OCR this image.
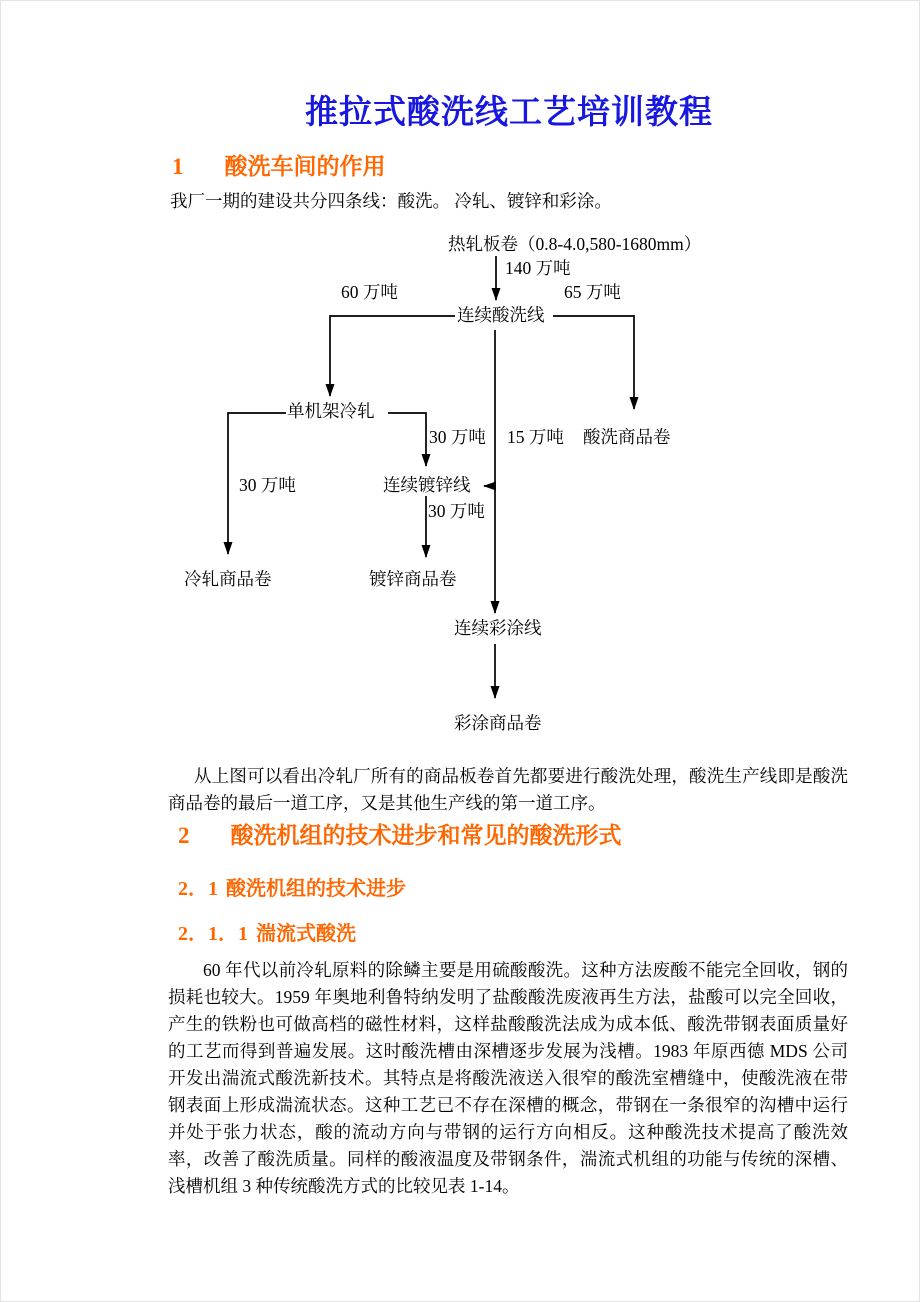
推拉式酸洗线工艺培训教程
1 酸洗车间的作用

我厂一期的建设共分四条线：酸洗。 冷轧、镀锌和彩涂。

热轧板卷（0.8-4.0,580-1680mm）
140 万吨
60 万吨	65 万吨
连续酸洗线
单机架冷轧
30 万吨 15 万吨 酸洗商品卷
30 万吨	连续镀锌线
30 万吨
冷轧商品卷	镀锌商品卷
连续彩涂线
彩涂商品卷

从上图可以看出冷轧厂所有的商品板卷首先都要进行酸洗处理，酸洗生产线即是酸洗商品卷的最后一道工序，又是其他生产线的第一道工序。

2 酸洗机组的技术进步和常见的酸洗形式
2．1 酸洗机组的技术进步
2．1．1 湍流式酸洗

60 年代以前冷轧原料的除鳞主要是用硫酸酸洗。这种方法废酸不能完全回收，钢的损耗也较大。1959 年奥地利鲁特纳发明了盐酸酸洗废液再生方法，盐酸可以完全回收，产生的铁粉也可做高档的磁性材料，这样盐酸酸洗法成为成本低、酸洗带钢表面质量好的工艺而得到普遍发展。这时酸洗槽由深槽逐步发展为浅槽。1983 年原西德 MDS 公司开发出湍流式酸洗新技术。其特点是将酸洗液送入很窄的酸洗室槽缝中，使酸洗液在带钢表面上形成湍流状态。这种工艺已不存在深槽的概念，带钢在一条很窄的沟槽中运行并处于张力状态，酸的流动方向与带钢的运行方向相反。这种酸洗技术提高了酸洗效率，改善了酸洗质量。同样的酸液温度及带钢条件，湍流式机组的功能与传统的深槽、浅槽机组 3 种传统酸洗方式的比较见表 1-14。
